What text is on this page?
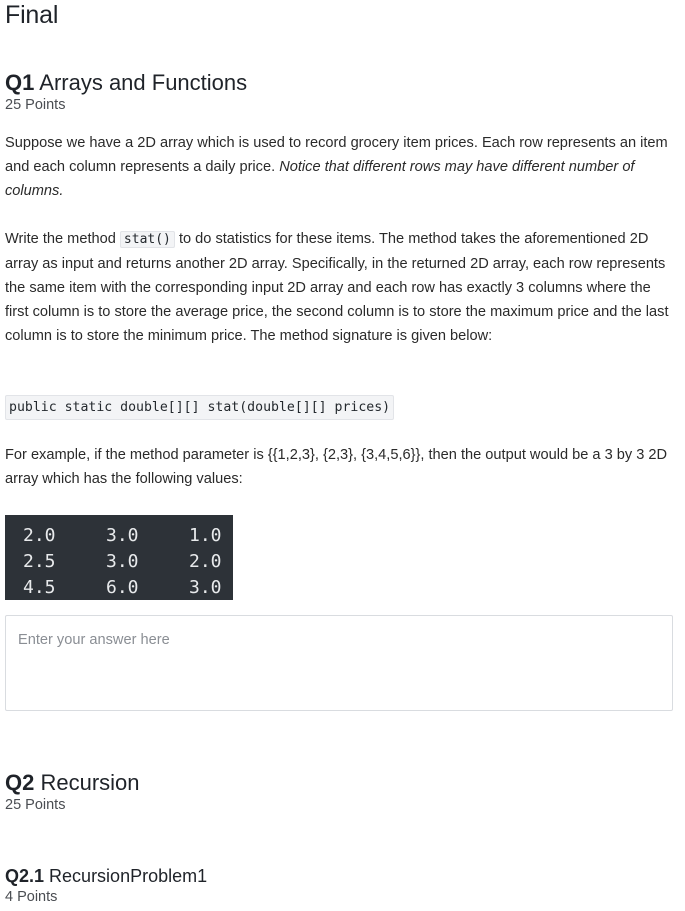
Final
Q1 Arrays and Functions
25 Points

Suppose we have a 2D array which is used to record grocery item prices. Each row represents an item and each column represents a daily price. Notice that different rows may have different number of columns.

Write the method stat() to do statistics for these items. The method takes the aforementioned 2D array as input and returns another 2D array. Specifically, in the returned 2D array, each row represents the same item with the corresponding input 2D array and each row has exactly 3 columns where the first column is to store the average price, the second column is to store the maximum price and the last column is to store the minimum price. The method signature is given below:

public static double[][] stat(double[][] prices)

For example, if the method parameter is {{1,2,3}, {2,3}, {3,4,5,6}}, then the output would be a 3 by 3 2D array which has the following values:

2.0	3.0	1.0
2.5	3.0	2.0
4.5	6.0	3.0
Enter your answer here
Q2 Recursion
25 Points
Q2.1 RecursionProblem1
4 Points
